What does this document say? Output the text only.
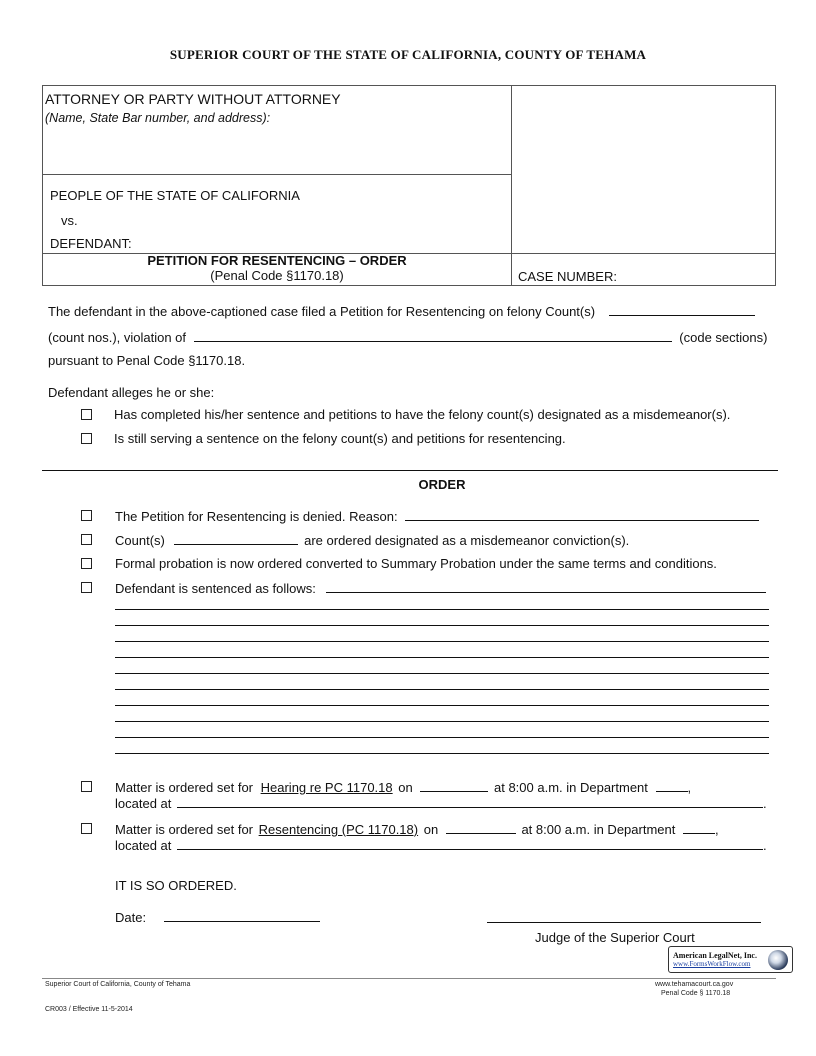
SUPERIOR COURT OF THE STATE OF CALIFORNIA, COUNTY OF TEHAMA
ATTORNEY OR PARTY WITHOUT ATTORNEY
(Name, State Bar number, and address):
PEOPLE OF THE STATE OF CALIFORNIA
vs.
DEFENDANT:
PETITION FOR RESENTENCING – ORDER
(Penal Code §1170.18)	CASE NUMBER:
The defendant in the above-captioned case filed a Petition for Resentencing on felony Count(s)
(count nos.), violation of	(code sections)
pursuant to Penal Code §1170.18.
Defendant alleges he or she:
Has completed his/her sentence and petitions to have the felony count(s) designated as a misdemeanor(s).
Is still serving a sentence on the felony count(s) and petitions for resentencing.
ORDER
The Petition for Resentencing is denied. Reason:
Count(s)	are ordered designated as a misdemeanor conviction(s).
Formal probation is now ordered converted to Summary Probation under the same terms and conditions.
Defendant is sentenced as follows:
Matter is ordered set for Hearing re PC 1170.18 on	at 8:00 a.m. in Department	,
located at	.
Matter is ordered set for Resentencing (PC 1170.18) on	at 8:00 a.m. in Department	,
located at	.
IT IS SO ORDERED.
Date:
Judge of the Superior Court
Superior Court of California, County of Tehama
CR003 / Effective 11-5-2014
www.tehamacourt.ca.gov
Penal Code § 1170.18
American LegalNet, Inc.
www.FormsWorkFlow.com
